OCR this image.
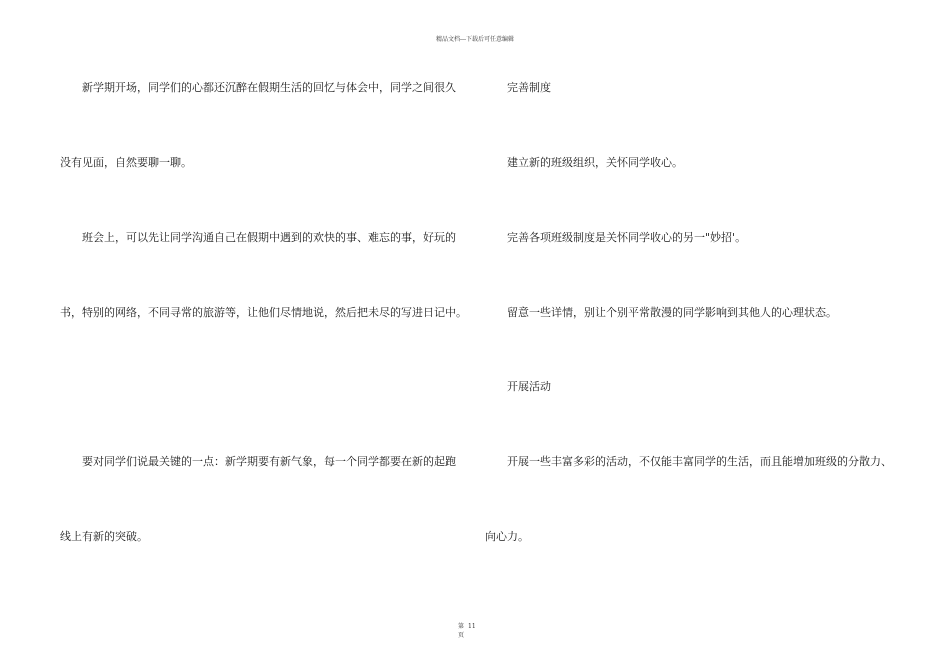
精品文档---下载后可任意编辑
新学期开场，同学们的心都还沉醉在假期生活的回忆与体会中，同学之间很久
没有见面，自然要聊一聊。
班会上，可以先让同学沟通自己在假期中遇到的欢快的事、难忘的事，好玩的
书，特别的网络，不同寻常的旅游等，让他们尽情地说，然后把未尽的写进日记中。
要对同学们说最关键的一点：新学期要有新气象，每一个同学都要在新的起跑
线上有新的突破。
完善制度
建立新的班级组织，关怀同学收心。
完善各项班级制度是关怀同学收心的另一"妙招'。
留意一些详情，别让个别平常散漫的同学影响到其他人的心理状态。
开展活动
开展一些丰富多彩的活动，不仅能丰富同学的生活，而且能增加班级的分散力、
向心力。
第 11
页
